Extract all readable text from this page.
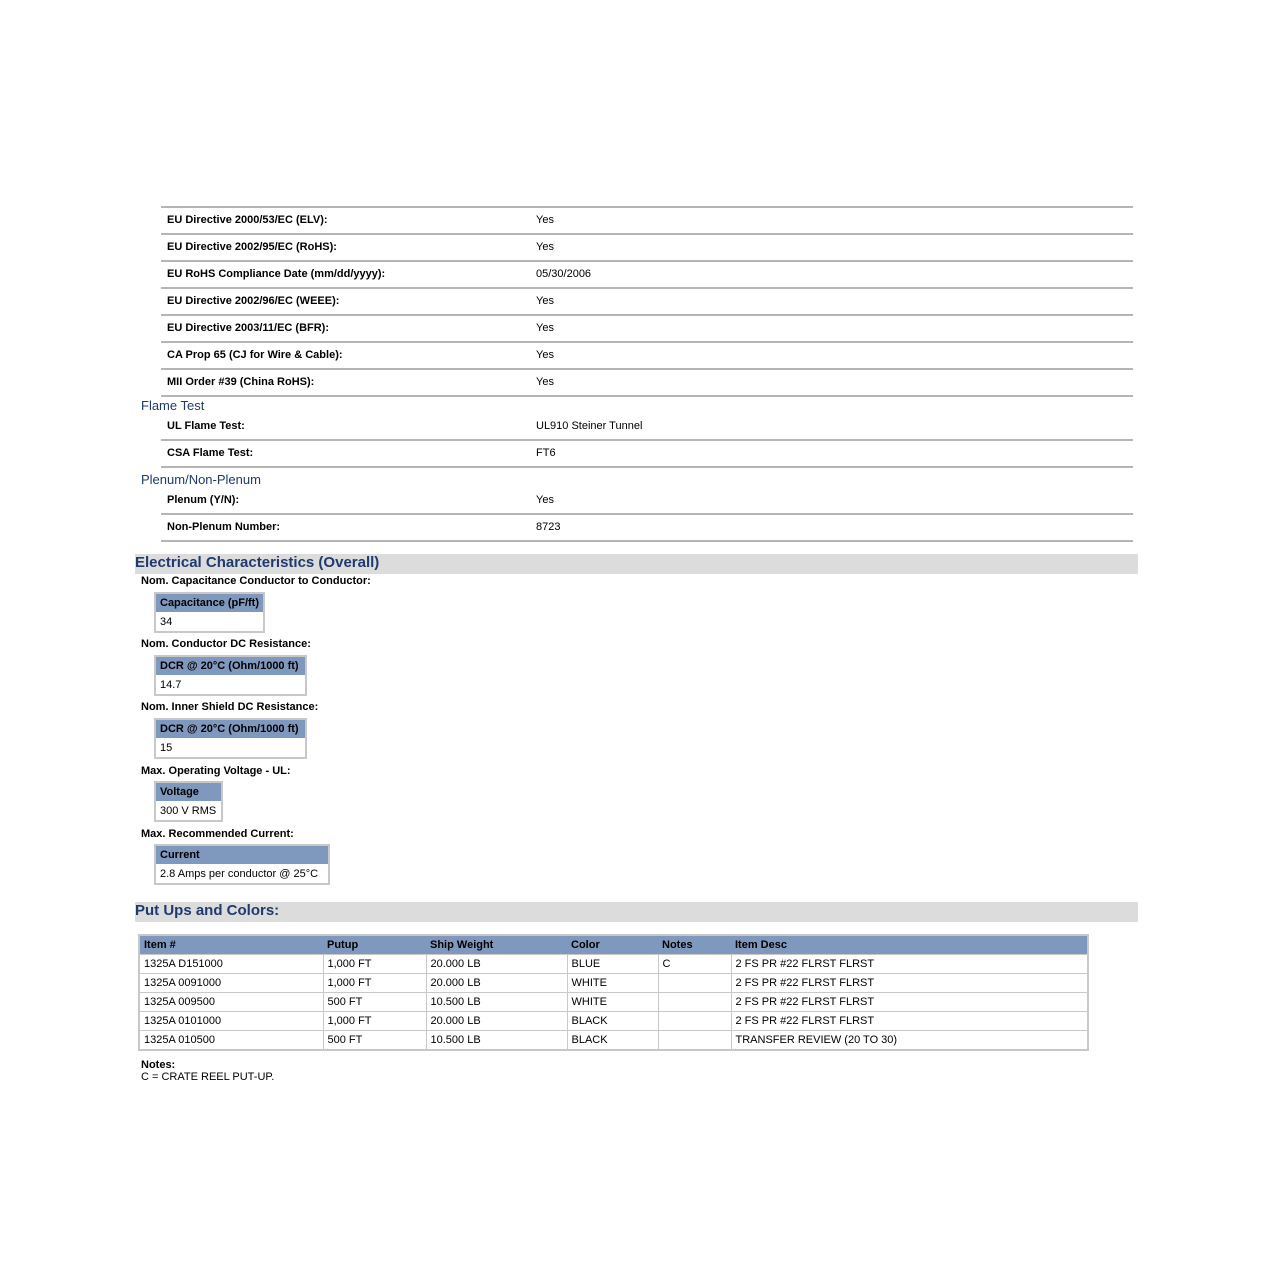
EU Directive 2000/53/EC (ELV):	Yes
EU Directive 2002/95/EC (RoHS):	Yes
EU RoHS Compliance Date (mm/dd/yyyy):	05/30/2006
EU Directive 2002/96/EC (WEEE):	Yes
EU Directive 2003/11/EC (BFR):	Yes
CA Prop 65 (CJ for Wire & Cable):	Yes
MII Order #39 (China RoHS):	Yes
Flame Test
UL Flame Test:	UL910 Steiner Tunnel
CSA Flame Test:	FT6
Plenum/Non-Plenum
Plenum (Y/N):	Yes
Non-Plenum Number:	8723
Electrical Characteristics (Overall)
Nom. Capacitance Conductor to Conductor:
Capacitance (pF/ft)
34
Nom. Conductor DC Resistance:
DCR @ 20°C (Ohm/1000 ft)
14.7
Nom. Inner Shield DC Resistance:
DCR @ 20°C (Ohm/1000 ft)
15
Max. Operating Voltage - UL:
Voltage
300 V RMS
Max. Recommended Current:
Current
2.8 Amps per conductor @ 25°C
Put Ups and Colors:
Item #	Putup	Ship Weight	Color	Notes	Item Desc
1325A D151000	1,000 FT	20.000 LB	BLUE	C	2 FS PR #22 FLRST FLRST
1325A 0091000	1,000 FT	20.000 LB	WHITE		2 FS PR #22 FLRST FLRST
1325A 009500	500 FT	10.500 LB	WHITE		2 FS PR #22 FLRST FLRST
1325A 0101000	1,000 FT	20.000 LB	BLACK		2 FS PR #22 FLRST FLRST
1325A 010500	500 FT	10.500 LB	BLACK		TRANSFER REVIEW (20 TO 30)
Notes:
C = CRATE REEL PUT-UP.
